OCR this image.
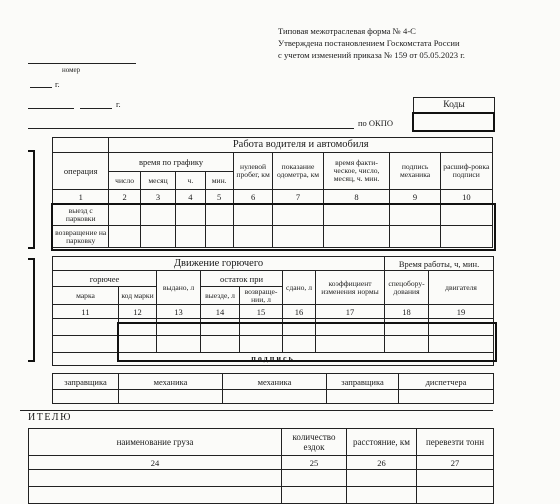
Типовая межотраслевая форма № 4-С
Утверждена постановлением Госкомстата России
с учетом изменений приказа № 159 от 05.05.2023 г.
номер
г.
г.
по ОКПО
Коды
	Работа водителя и автомобиля								
операция	время по графику				нулевой пробег, км	показание одометра, км	время факти-ческое, число, месяц, ч. мин.	подпись механика	расшиф-ровка подписи
	число	месяц	ч.	мин.					
1	2	3	4	5	6	7	8	9	10
выезд с парковки									
возвращение на парковку									
Движение горючего							Время работы, ч, мин.	
горючее		выдано, л	остаток при		сдано, л	коэффициент изменения нормы	спецобору-дования	двигателя
марка	код марки		выезде, л	возвраще-нии, л				
11	12	13	14	15	16	17	18	19

подпись								
заправщика	механика	механика	заправщика	диспетчера

ИТЕЛЮ
наименование груза	количество ездок	расстояние, км	перевезти тонн
24	25	26	27
